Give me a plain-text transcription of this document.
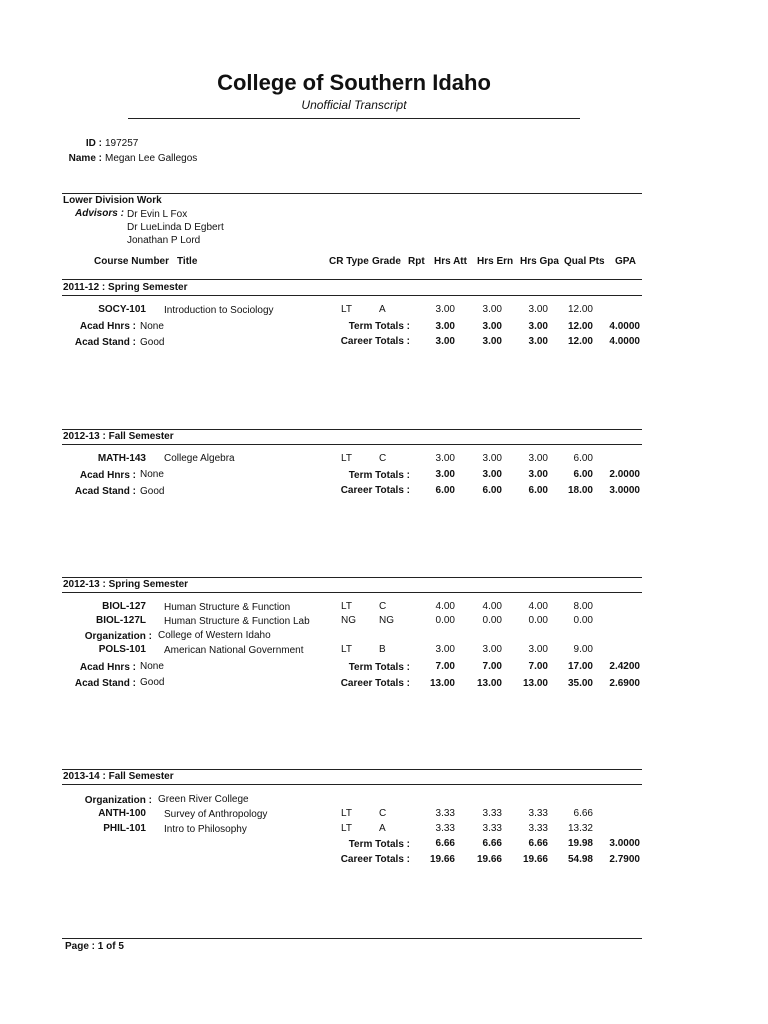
College of Southern Idaho
Unofficial Transcript
ID : 197257
Name : Megan Lee Gallegos
Lower Division Work
Advisors : Dr Evin L Fox
Dr LueLinda D Egbert
Jonathan P Lord
Course Number Title	CR Type Grade Rpt Hrs Att Hrs Ern Hrs Gpa Qual Pts GPA
2011-12 : Spring Semester
SOCY-101 Introduction to Sociology	LT	A	3.00	3.00	3.00	12.00
Acad Hnrs : None	Term Totals :	3.00	3.00	3.00	12.00	4.0000
Acad Stand : Good	Career Totals :	3.00	3.00	3.00	12.00	4.0000
2012-13 : Fall Semester
MATH-143 College Algebra	LT	C	3.00	3.00	3.00	6.00
Acad Hnrs : None	Term Totals :	3.00	3.00	3.00	6.00	2.0000
Acad Stand : Good	Career Totals :	6.00	6.00	6.00	18.00	3.0000
2012-13 : Spring Semester
BIOL-127 Human Structure & Function	LT	C	4.00	4.00	4.00	8.00
BIOL-127L Human Structure & Function Lab	NG NG	0.00	0.00	0.00	0.00
Organization : College of Western Idaho
POLS-101 American National Government	LT	B	3.00	3.00	3.00	9.00
Acad Hnrs : None	Term Totals :	7.00	7.00	7.00	17.00	2.4200
Acad Stand : Good	Career Totals :	13.00	13.00	13.00	35.00	2.6900
2013-14 : Fall Semester
Organization : Green River College
ANTH-100 Survey of Anthropology	LT	C	3.33	3.33	3.33	6.66
PHIL-101 Intro to Philosophy	LT	A	3.33	3.33	3.33	13.32
Term Totals :	6.66	6.66	6.66	19.98	3.0000
Career Totals :	19.66	19.66	19.66	54.98	2.7900
Page : 1 of 5
